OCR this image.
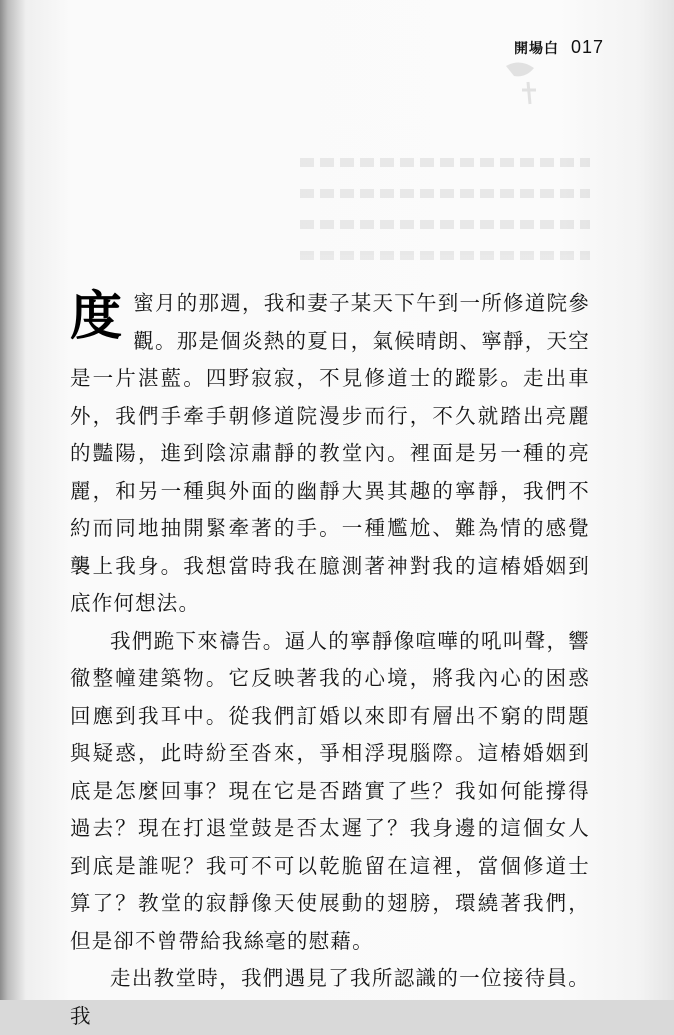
開場白 017

度蜜月的那週，我和妻子某天下午到一所修道院參觀。那是個炎熱的夏日，氣候晴朗、寧靜，天空是一片湛藍。四野寂寂，不見修道士的蹤影。走出車外，我們手牽手朝修道院漫步而行，不久就踏出亮麗的豔陽，進到陰涼肅靜的教堂內。裡面是另一種的亮麗，和另一種與外面的幽靜大異其趣的寧靜，我們不約而同地抽開緊牽著的手。一種尷尬、難為情的感覺襲上我身。我想當時我在臆測著神對我的這樁婚姻到底作何想法。

我們跪下來禱告。逼人的寧靜像喧嘩的吼叫聲，響徹整幢建築物。它反映著我的心境，將我內心的困惑回應到我耳中。從我們訂婚以來即有層出不窮的問題與疑惑，此時紛至沓來，爭相浮現腦際。這樁婚姻到底是怎麼回事？現在它是否踏實了些？我如何能撐得過去？現在打退堂鼓是否太遲了？我身邊的這個女人到底是誰呢？我可不可以乾脆留在這裡，當個修道士算了？教堂的寂靜像天使展動的翅膀，環繞著我們，但是卻不曾帶給我絲毫的慰藉。

走出教堂時，我們遇見了我所認識的一位接待員。我
